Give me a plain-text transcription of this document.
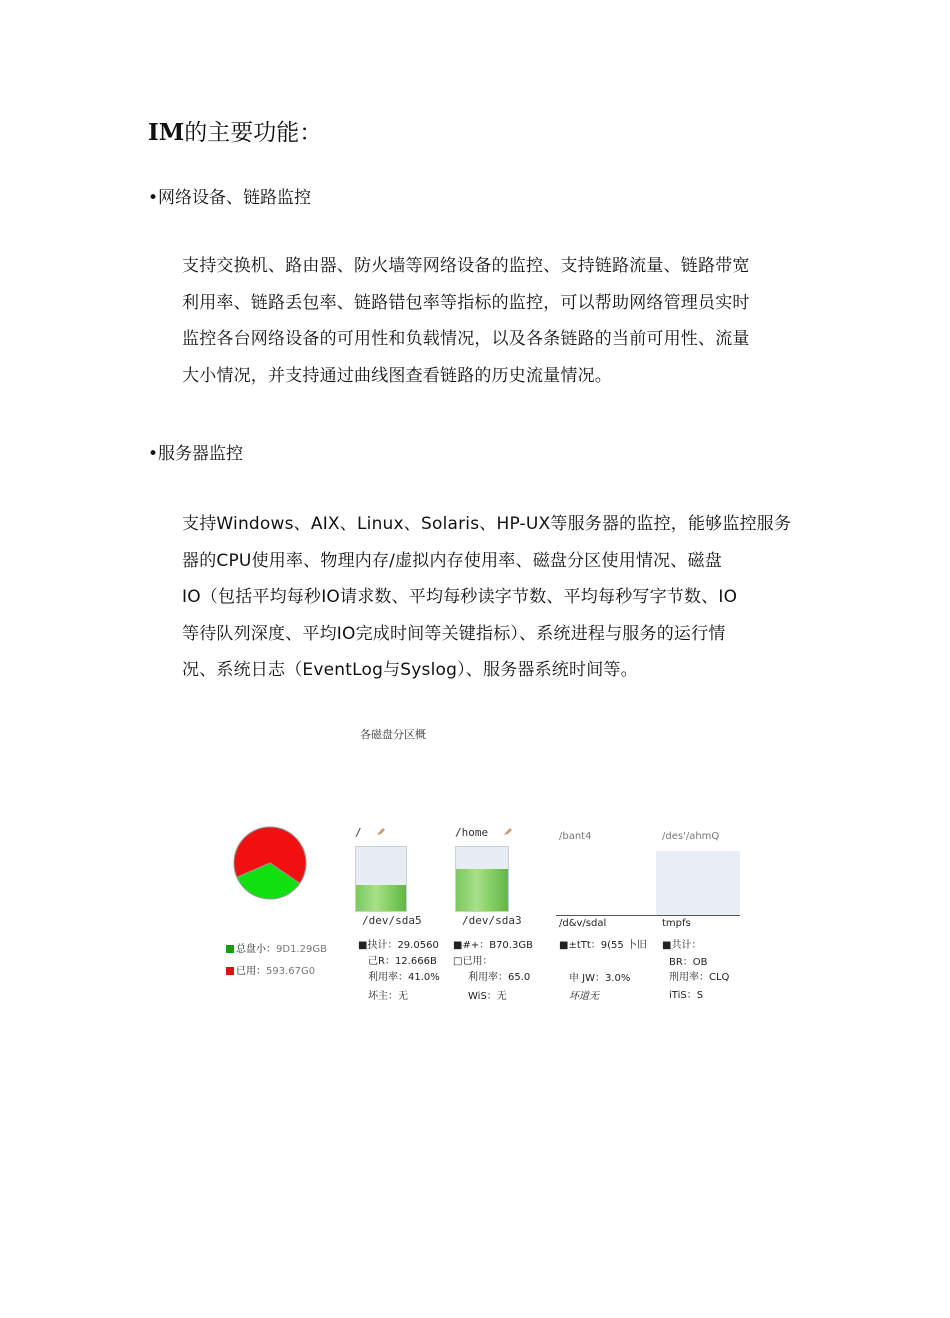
IM的主要功能：
•网络设备、链路监控
支持交换机、路由器、防火墙等网络设备的监控、支持链路流量、链路带宽
利用率、链路丢包率、链路错包率等指标的监控，可以帮助网络管理员实时
监控各台网络设备的可用性和负载情况，以及各条链路的当前可用性、流量
大小情况，并支持通过曲线图查看链路的历史流量情况。
•服务器监控
支持Windows、AIX、Linux、Solaris、HP-UX等服务器的监控，能够监控服务
器的CPU使用率、物理内存/虚拟内存使用率、磁盘分区使用情况、磁盘
IO（包括平均每秒IO请求数、平均每秒读字节数、平均每秒写字节数、IO
等待队列深度、平均IO完成时间等关键指标）、系统进程与服务的运行情
况、系统日志（EventLog与Syslog）、服务器系统时间等。
各磁盘分区概
总盘小：9D1.29GB
已用：593.67G0
/
/dev/sda5
■抉计：29.0560
己R：12.666B
利用率：41.0%
坏主：无
/home
/dev/sda3
■#+：B70.3GB
□已用：
利用率：65.0
WiS：无
/bant4
/d&v/sdal
■±tTt：9(55 卜旧
申 JW：3.0%
坏道无
/des'/ahmQ
tmpfs
■共计：
BR：OB
刑用率：CLQ
iTiS：S
